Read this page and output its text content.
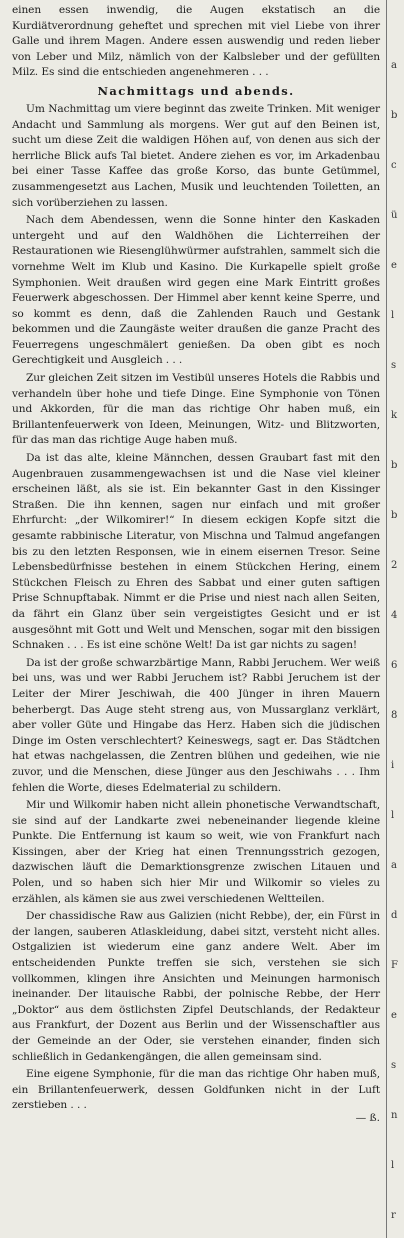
einen essen inwendig, die Augen ekstatisch an die Kurdiätverordnung geheftet und sprechen mit viel Liebe von ihrer Galle und ihrem Magen. Andere essen auswendig und reden lieber von Leber und Milz, nämlich von der Kalbsleber und der gefüllten Milz. Es sind die entschieden angenehmeren . . .

Nachmittags und abends.

Um Nachmittag um viere beginnt das zweite Trinken. Mit weniger Andacht und Sammlung als morgens. Wer gut auf den Beinen ist, sucht um diese Zeit die waldigen Höhen auf, von denen aus sich der herrliche Blick aufs Tal bietet. Andere ziehen es vor, im Arkadenbau bei einer Tasse Kaffee das große Korso, das bunte Getümmel, zusammengesetzt aus Lachen, Musik und leuchtenden Toiletten, an sich vorüberziehen zu lassen.

Nach dem Abendessen, wenn die Sonne hinter den Kaskaden untergeht und auf den Waldhöhen die Lichterreihen der Restaurationen wie Riesenglühwürmer aufstrahlen, sammelt sich die vornehme Welt im Klub und Kasino. Die Kurkapelle spielt große Symphonien. Weit draußen wird gegen eine Mark Eintritt großes Feuerwerk abgeschossen. Der Himmel aber kennt keine Sperre, und so kommt es denn, daß die Zahlenden Rauch und Gestank bekommen und die Zaungäste weiter draußen die ganze Pracht des Feuerregens ungeschmälert genießen. Da oben gibt es noch Gerechtigkeit und Ausgleich . . .

Zur gleichen Zeit sitzen im Vestibül unseres Hotels die Rabbis und verhandeln über hohe und tiefe Dinge. Eine Symphonie von Tönen und Akkorden, für die man das richtige Ohr haben muß, ein Brillantenfeuerwerk von Ideen, Meinungen, Witz- und Blitzworten, für das man das richtige Auge haben muß.

Da ist das alte, kleine Männchen, dessen Graubart fast mit den Augenbrauen zusammengewachsen ist und die Nase viel kleiner erscheinen läßt, als sie ist. Ein bekannter Gast in den Kissinger Straßen. Die ihn kennen, sagen nur einfach und mit großer Ehrfurcht: „der Wilkomirer!“ In diesem eckigen Kopfe sitzt die gesamte rabbinische Literatur, von Mischna und Talmud angefangen bis zu den letzten Responsen, wie in einem eisernen Tresor. Seine Lebensbedürfnisse bestehen in einem Stückchen Hering, einem Stückchen Fleisch zu Ehren des Sabbat und einer guten saftigen Prise Schnupftabak. Nimmt er die Prise und niest nach allen Seiten, da fährt ein Glanz über sein vergeistigtes Gesicht und er ist ausgesöhnt mit Gott und Welt und Menschen, sogar mit den bissigen Schnaken . . . Es ist eine schöne Welt! Da ist gar nichts zu sagen!

Da ist der große schwarzbärtige Mann, Rabbi Jeruchem. Wer weiß bei uns, was und wer Rabbi Jeruchem ist? Rabbi Jeruchem ist der Leiter der Mirer Jeschiwah, die 400 Jünger in ihren Mauern beherbergt. Das Auge steht streng aus, von Mussarglanz verklärt, aber voller Güte und Hingabe das Herz. Haben sich die jüdischen Dinge im Osten verschlechtert? Keineswegs, sagt er. Das Städtchen hat etwas nachgelassen, die Zentren blühen und gedeihen, wie nie zuvor, und die Menschen, diese Jünger aus den Jeschiwahs . . . Ihm fehlen die Worte, dieses Edelmaterial zu schildern.

Mir und Wilkomir haben nicht allein phonetische Verwandtschaft, sie sind auf der Landkarte zwei nebeneinander liegende kleine Punkte. Die Entfernung ist kaum so weit, wie von Frankfurt nach Kissingen, aber der Krieg hat einen Trennungsstrich gezogen, dazwischen läuft die Demarktionsgrenze zwischen Litauen und Polen, und so haben sich hier Mir und Wilkomir so vieles zu erzählen, als kämen sie aus zwei verschiedenen Weltteilen.

Der chassidische Raw aus Galizien (nicht Rebbe), der, ein Fürst in der langen, sauberen Atlaskleidung, dabei sitzt, versteht nicht alles. Ostgalizien ist wiederum eine ganz andere Welt. Aber im entscheidenden Punkte treffen sie sich, verstehen sie sich vollkommen, klingen ihre Ansichten und Meinungen harmonisch ineinander. Der litauische Rabbi, der polnische Rebbe, der Herr „Doktor“ aus dem östlichsten Zipfel Deutschlands, der Redakteur aus Frankfurt, der Dozent aus Berlin und der Wissenschaftler aus der Gemeinde an der Oder, sie verstehen einander, finden sich schließlich in Gedankengängen, die allen gemeinsam sind.

Eine eigene Symphonie, für die man das richtige Ohr haben muß, ein Brillantenfeuerwerk, dessen Goldfunken nicht in der Luft zerstieben . . .

— ß.
a
b
c
ü
e
l
s
k
b
b
2
4
6
8
i
l
a
d
F
e
s
n
l
r
